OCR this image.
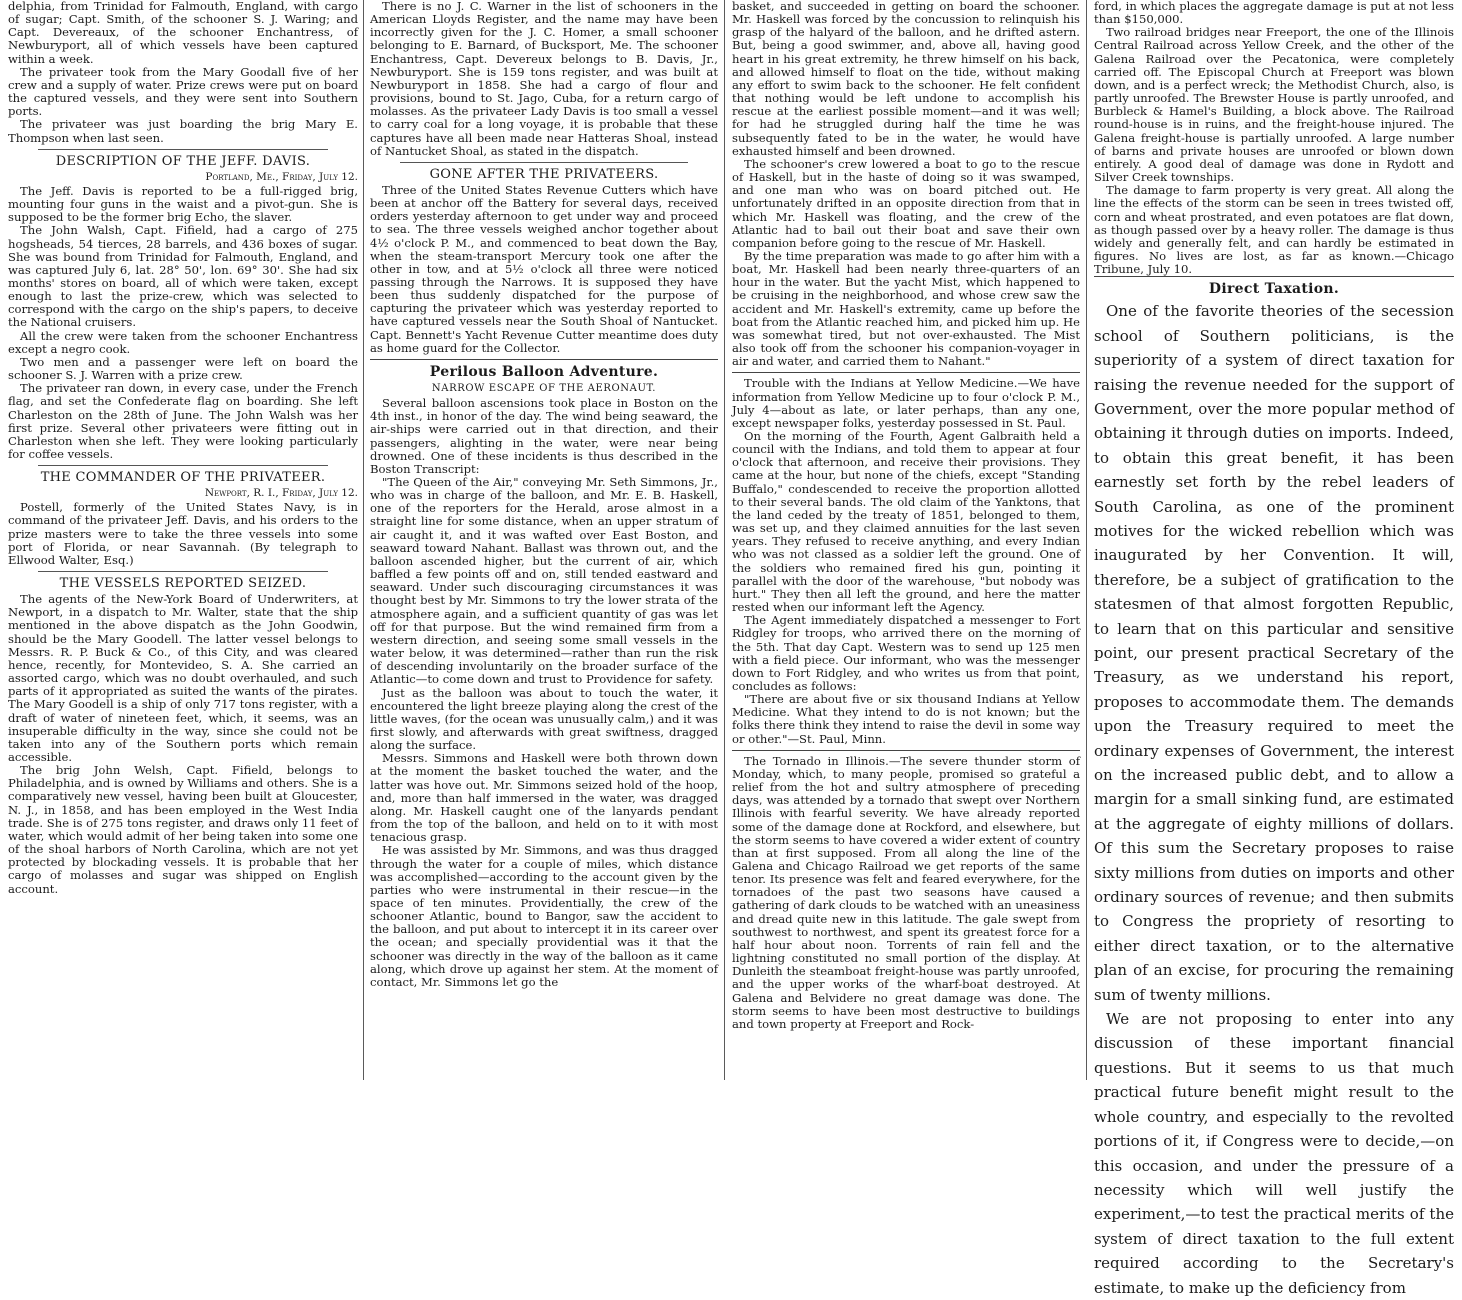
delphia, from Trinidad for Falmouth, England, with cargo of sugar; Capt. Smith, of the schooner S. J. Waring; and Capt. Devereaux, of the schooner Enchantress, of Newburyport, all of which vessels have been captured within a week.

The privateer took from the Mary Goodall five of her crew and a supply of water. Prize crews were put on board the captured vessels, and they were sent into Southern ports.

The privateer was just boarding the brig Mary E. Thompson when last seen.

DESCRIPTION OF THE JEFF. DAVIS.
Portland, Me., Friday, July 12.

The Jeff. Davis is reported to be a full-rigged brig, mounting four guns in the waist and a pivot-gun. She is supposed to be the former brig Echo, the slaver.

The John Walsh, Capt. Fifield, had a cargo of 275 hogsheads, 54 tierces, 28 barrels, and 436 boxes of sugar. She was bound from Trinidad for Falmouth, England, and was captured July 6, lat. 28° 50', lon. 69° 30'. She had six months' stores on board, all of which were taken, except enough to last the prize-crew, which was selected to correspond with the cargo on the ship's papers, to deceive the National cruisers.

All the crew were taken from the schooner Enchantress except a negro cook.

Two men and a passenger were left on board the schooner S. J. Warren with a prize crew.

The privateer ran down, in every case, under the French flag, and set the Confederate flag on boarding. She left Charleston on the 28th of June. The John Walsh was her first prize. Several other privateers were fitting out in Charleston when she left. They were looking particularly for coffee vessels.

THE COMMANDER OF THE PRIVATEER.
Newport, R. I., Friday, July 12.

Postell, formerly of the United States Navy, is in command of the privateer Jeff. Davis, and his orders to the prize masters were to take the three vessels into some port of Florida, or near Savannah. (By telegraph to Ellwood Walter, Esq.)

THE VESSELS REPORTED SEIZED.

The agents of the New-York Board of Underwriters, at Newport, in a dispatch to Mr. Walter, state that the ship mentioned in the above dispatch as the John Goodwin, should be the Mary Goodell. The latter vessel belongs to Messrs. R. P. Buck & Co., of this City, and was cleared hence, recently, for Montevideo, S. A. She carried an assorted cargo, which was no doubt overhauled, and such parts of it appropriated as suited the wants of the pirates. The Mary Goodell is a ship of only 717 tons register, with a draft of water of nineteen feet, which, it seems, was an insuperable difficulty in the way, since she could not be taken into any of the Southern ports which remain accessible.

The brig John Welsh, Capt. Fifield, belongs to Philadelphia, and is owned by Williams and others. She is a comparatively new vessel, having been built at Gloucester, N. J., in 1858, and has been employed in the West India trade. She is of 275 tons register, and draws only 11 feet of water, which would admit of her being taken into some one of the shoal harbors of North Carolina, which are not yet protected by blockading vessels. It is probable that her cargo of molasses and sugar was shipped on English account.

There is no J. C. Warner in the list of schooners in the American Lloyds Register, and the name may have been incorrectly given for the J. C. Homer, a small schooner belonging to E. Barnard, of Bucksport, Me. The schooner Enchantress, Capt. Devereux belongs to B. Davis, Jr., Newburyport. She is 159 tons register, and was built at Newburyport in 1858. She had a cargo of flour and provisions, bound to St. Jago, Cuba, for a return cargo of molasses. As the privateer Lady Davis is too small a vessel to carry coal for a long voyage, it is probable that these captures have all been made near Hatteras Shoal, instead of Nantucket Shoal, as stated in the dispatch.

GONE AFTER THE PRIVATEERS.

Three of the United States Revenue Cutters which have been at anchor off the Battery for several days, received orders yesterday afternoon to get under way and proceed to sea. The three vessels weighed anchor together about 4½ o'clock P. M., and commenced to beat down the Bay, when the steam-transport Mercury took one after the other in tow, and at 5½ o'clock all three were noticed passing through the Narrows. It is supposed they have been thus suddenly dispatched for the purpose of capturing the privateer which was yesterday reported to have captured vessels near the South Shoal of Nantucket. Capt. Bennett's Yacht Revenue Cutter meantime does duty as home guard for the Collector.

Perilous Balloon Adventure.
NARROW ESCAPE OF THE AERONAUT.

Several balloon ascensions took place in Boston on the 4th inst., in honor of the day. The wind being seaward, the air-ships were carried out in that direction, and their passengers, alighting in the water, were near being drowned. One of these incidents is thus described in the Boston Transcript:

"The Queen of the Air," conveying Mr. Seth Simmons, Jr., who was in charge of the balloon, and Mr. E. B. Haskell, one of the reporters for the Herald, arose almost in a straight line for some distance, when an upper stratum of air caught it, and it was wafted over East Boston, and seaward toward Nahant. Ballast was thrown out, and the balloon ascended higher, but the current of air, which baffled a few points off and on, still tended eastward and seaward. Under such discouraging circumstances it was thought best by Mr. Simmons to try the lower strata of the atmosphere again, and a sufficient quantity of gas was let off for that purpose. But the wind remained firm from a western direction, and seeing some small vessels in the water below, it was determined—rather than run the risk of descending involuntarily on the broader surface of the Atlantic—to come down and trust to Providence for safety.

Just as the balloon was about to touch the water, it encountered the light breeze playing along the crest of the little waves, (for the ocean was unusually calm,) and it was first slowly, and afterwards with great swiftness, dragged along the surface.

Messrs. Simmons and Haskell were both thrown down at the moment the basket touched the water, and the latter was hove out. Mr. Simmons seized hold of the hoop, and, more than half immersed in the water, was dragged along. Mr. Haskell caught one of the lanyards pendant from the top of the balloon, and held on to it with most tenacious grasp.

He was assisted by Mr. Simmons, and was thus dragged through the water for a couple of miles, which distance was accomplished—according to the account given by the parties who were instrumental in their rescue—in the space of ten minutes. Providentially, the crew of the schooner Atlantic, bound to Bangor, saw the accident to the balloon, and put about to intercept it in its career over the ocean; and specially providential was it that the schooner was directly in the way of the balloon as it came along, which drove up against her stem. At the moment of contact, Mr. Simmons let go the

basket, and succeeded in getting on board the schooner. Mr. Haskell was forced by the concussion to relinquish his grasp of the halyard of the balloon, and he drifted astern. But, being a good swimmer, and, above all, having good heart in his great extremity, he threw himself on his back, and allowed himself to float on the tide, without making any effort to swim back to the schooner. He felt confident that nothing would be left undone to accomplish his rescue at the earliest possible moment—and it was well; for had he struggled during half the time he was subsequently fated to be in the water, he would have exhausted himself and been drowned.

The schooner's crew lowered a boat to go to the rescue of Haskell, but in the haste of doing so it was swamped, and one man who was on board pitched out. He unfortunately drifted in an opposite direction from that in which Mr. Haskell was floating, and the crew of the Atlantic had to bail out their boat and save their own companion before going to the rescue of Mr. Haskell.

By the time preparation was made to go after him with a boat, Mr. Haskell had been nearly three-quarters of an hour in the water. But the yacht Mist, which happened to be cruising in the neighborhood, and whose crew saw the accident and Mr. Haskell's extremity, came up before the boat from the Atlantic reached him, and picked him up. He was somewhat tired, but not over-exhausted. The Mist also took off from the schooner his companion-voyager in air and water, and carried them to Nahant."

Trouble with the Indians at Yellow Medicine.—We have information from Yellow Medicine up to four o'clock P. M., July 4—about as late, or later perhaps, than any one, except newspaper folks, yesterday possessed in St. Paul.

On the morning of the Fourth, Agent Galbraith held a council with the Indians, and told them to appear at four o'clock that afternoon, and receive their provisions. They came at the hour, but none of the chiefs, except "Standing Buffalo," condescended to receive the proportion allotted to their several bands. The old claim of the Yanktons, that the land ceded by the treaty of 1851, belonged to them, was set up, and they claimed annuities for the last seven years. They refused to receive anything, and every Indian who was not classed as a soldier left the ground. One of the soldiers who remained fired his gun, pointing it parallel with the door of the warehouse, "but nobody was hurt." They then all left the ground, and here the matter rested when our informant left the Agency.

The Agent immediately dispatched a messenger to Fort Ridgley for troops, who arrived there on the morning of the 5th. That day Capt. Western was to send up 125 men with a field piece. Our informant, who was the messenger down to Fort Ridgley, and who writes us from that point, concludes as follows:

"There are about five or six thousand Indians at Yellow Medicine. What they intend to do is not known; but the folks there think they intend to raise the devil in some way or other."—St. Paul, Minn.

The Tornado in Illinois.—The severe thunder storm of Monday, which, to many people, promised so grateful a relief from the hot and sultry atmosphere of preceding days, was attended by a tornado that swept over Northern Illinois with fearful severity. We have already reported some of the damage done at Rockford, and elsewhere, but the storm seems to have covered a wider extent of country than at first supposed. From all along the line of the Galena and Chicago Railroad we get reports of the same tenor. Its presence was felt and feared everywhere, for the tornadoes of the past two seasons have caused a gathering of dark clouds to be watched with an uneasiness and dread quite new in this latitude. The gale swept from southwest to northwest, and spent its greatest force for a half hour about noon. Torrents of rain fell and the lightning constituted no small portion of the display. At Dunleith the steamboat freight-house was partly unroofed, and the upper works of the wharf-boat destroyed. At Galena and Belvidere no great damage was done. The storm seems to have been most destructive to buildings and town property at Freeport and Rock-

ford, in which places the aggregate damage is put at not less than $150,000.

Two railroad bridges near Freeport, the one of the Illinois Central Railroad across Yellow Creek, and the other of the Galena Railroad over the Pecatonica, were completely carried off. The Episcopal Church at Freeport was blown down, and is a perfect wreck; the Methodist Church, also, is partly unroofed. The Brewster House is partly unroofed, and Burbleck & Hamel's Building, a block above. The Railroad round-house is in ruins, and the freight-house injured. The Galena freight-house is partially unroofed. A large number of barns and private houses are unroofed or blown down entirely. A good deal of damage was done in Rydott and Silver Creek townships.

The damage to farm property is very great. All along the line the effects of the storm can be seen in trees twisted off, corn and wheat prostrated, and even potatoes are flat down, as though passed over by a heavy roller. The damage is thus widely and generally felt, and can hardly be estimated in figures. No lives are lost, as far as known.—Chicago Tribune, July 10.

Direct Taxation.

One of the favorite theories of the secession school of Southern politicians, is the superiority of a system of direct taxation for raising the revenue needed for the support of Government, over the more popular method of obtaining it through duties on imports. Indeed, to obtain this great benefit, it has been earnestly set forth by the rebel leaders of South Carolina, as one of the prominent motives for the wicked rebellion which was inaugurated by her Convention. It will, therefore, be a subject of gratification to the statesmen of that almost forgotten Republic, to learn that on this particular and sensitive point, our present practical Secretary of the Treasury, as we understand his report, proposes to accommodate them. The demands upon the Treasury required to meet the ordinary expenses of Government, the interest on the increased public debt, and to allow a margin for a small sinking fund, are estimated at the aggregate of eighty millions of dollars. Of this sum the Secretary proposes to raise sixty millions from duties on imports and other ordinary sources of revenue; and then submits to Congress the propriety of resorting to either direct taxation, or to the alternative plan of an excise, for procuring the remaining sum of twenty millions.

We are not proposing to enter into any discussion of these important financial questions. But it seems to us that much practical future benefit might result to the whole country, and especially to the revolted portions of it, if Congress were to decide,—on this occasion, and under the pressure of a necessity which will well justify the experiment,—to test the practical merits of the system of direct taxation to the full extent required according to the Secretary's estimate, to make up the deficiency from
